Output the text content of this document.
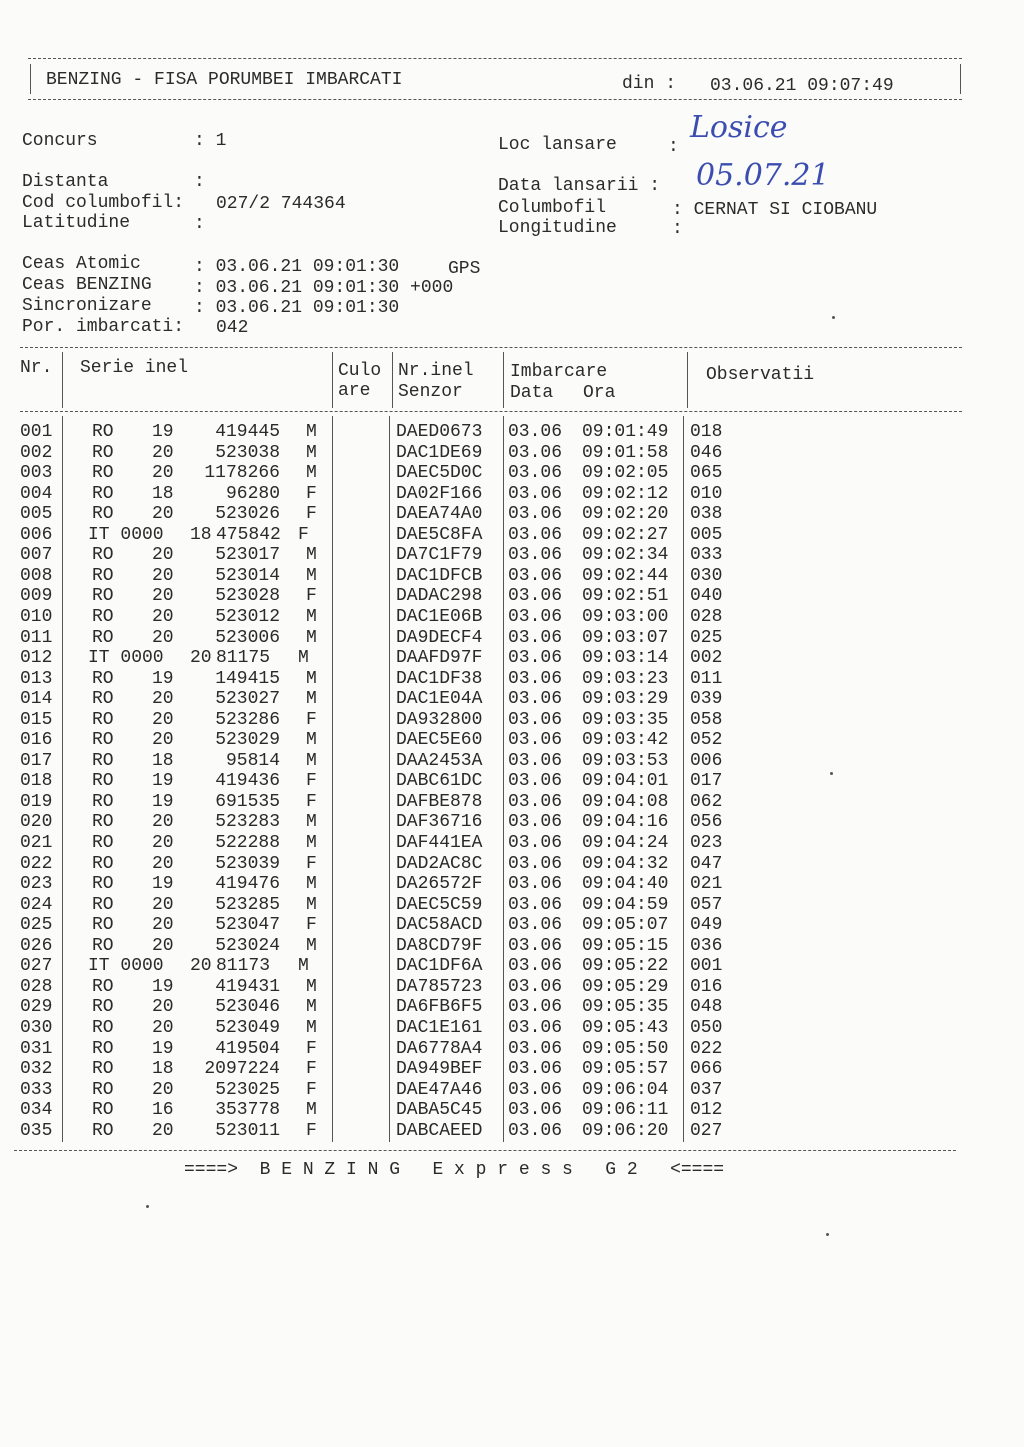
BENZING - FISA PORUMBEI IMBARCATI	din : 03.06.21 09:07:49
Concurs	: 1	Loc lansare	:
Losice
Distanta	:	Data lansarii : 05.07.21
Cod columbofil: 027/2 744364	Columbofil	: CERNAT SI CIOBANU
Latitudine	:	Longitudine	:
Ceas Atomic	: 03.06.21 09:01:30	GPS
Ceas BENZING : 03.06.21 09:01:30 +000
Sincronizare : 03.06.21 09:01:30
Por. imbarcati: 042
Nr. Serie inel	Culo
are
Nr.inel
Senzor
Imbarcare
Data Ora
Observatii
001 RO 19	419445 M	DAED0673 03.06 09:01:49 018
002 RO 20	523038 M	DAC1DE69 03.06 09:01:58 046
003 RO 20	1178266 M	DAEC5D0C 03.06 09:02:05 065
004 RO 18	96280 F	DA02F166 03.06 09:02:12 010
005 RO 20	523026 F	DAEA74A0 03.06 09:02:20 038
006 IT 0000 18 475842 F	DAE5C8FA 03.06 09:02:27 005
007 RO 20	523017 M	DA7C1F79 03.06 09:02:34 033
008 RO 20	523014 M	DAC1DFCB 03.06 09:02:44 030
009 RO 20	523028 F	DADAC298 03.06 09:02:51 040
010 RO 20	523012 M	DAC1E06B 03.06 09:03:00 028
011 RO 20	523006 M	DA9DECF4 03.06 09:03:07 025
012 IT 0000 20 81175 M	DAAFD97F 03.06 09:03:14 002
013 RO 19	149415 M	DAC1DF38 03.06 09:03:23 011
014 RO 20	523027 M	DAC1E04A 03.06 09:03:29 039
015 RO 20	523286 F	DA932800 03.06 09:03:35 058
016 RO 20	523029 M	DAEC5E60 03.06 09:03:42 052
017 RO 18	95814 M	DAA2453A 03.06 09:03:53 006
018 RO 19	419436 F	DABC61DC 03.06 09:04:01 017
019 RO 19	691535 F	DAFBE878 03.06 09:04:08 062
020 RO 20	523283 M	DAF36716 03.06 09:04:16 056
021 RO 20	522288 M	DAF441EA 03.06 09:04:24 023
022 RO 20	523039 F	DAD2AC8C 03.06 09:04:32 047
023 RO 19	419476 M	DA26572F 03.06 09:04:40 021
024 RO 20	523285 M	DAEC5C59 03.06 09:04:59 057
025 RO 20	523047 F	DAC58ACD 03.06 09:05:07 049
026 RO 20	523024 M	DA8CD79F 03.06 09:05:15 036
027 IT 0000 20 81173 M	DAC1DF6A 03.06 09:05:22 001
028 RO 19	419431 M	DA785723 03.06 09:05:29 016
029 RO 20	523046 M	DA6FB6F5 03.06 09:05:35 048
030 RO 20	523049 M	DAC1E161 03.06 09:05:43 050
031 RO 19	419504 F	DA6778A4 03.06 09:05:50 022
032 RO 18	2097224 F	DA949BEF 03.06 09:05:57 066
033 RO 20	523025 F	DAE47A46 03.06 09:06:04 037
034 RO 16	353778 M	DABA5C45 03.06 09:06:11 012
035 RO 20	523011 F	DABCAEED 03.06 09:06:20 027
====>  B E N Z I N G   E x p r e s s   G 2   <====
